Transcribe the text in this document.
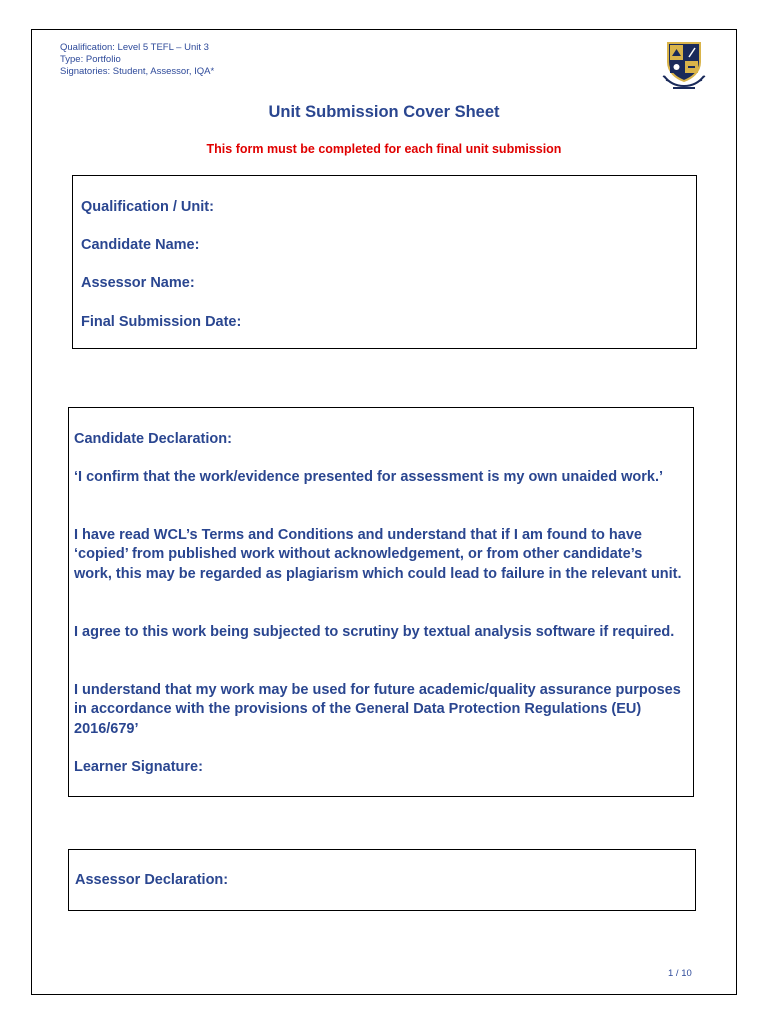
Qualification: Level 5 TEFL – Unit 3
Type: Portfolio
Signatories: Student, Assessor, IQA*
Unit Submission Cover Sheet
This form must be completed for each final unit submission
Qualification / Unit:
Candidate Name:
Assessor Name:
Final Submission Date:
Candidate Declaration:
‘I confirm that the work/evidence presented for assessment is my own unaided work.’
I have read WCL’s Terms and Conditions and understand that if I am found to have ‘copied’ from published work without acknowledgement, or from other candidate’s work, this may be regarded as plagiarism which could lead to failure in the relevant unit.
I agree to this work being subjected to scrutiny by textual analysis software if required.
I understand that my work may be used for future academic/quality assurance purposes in accordance with the provisions of the General Data Protection Regulations (EU) 2016/679’
Learner Signature:
Assessor Declaration:
1 / 10
